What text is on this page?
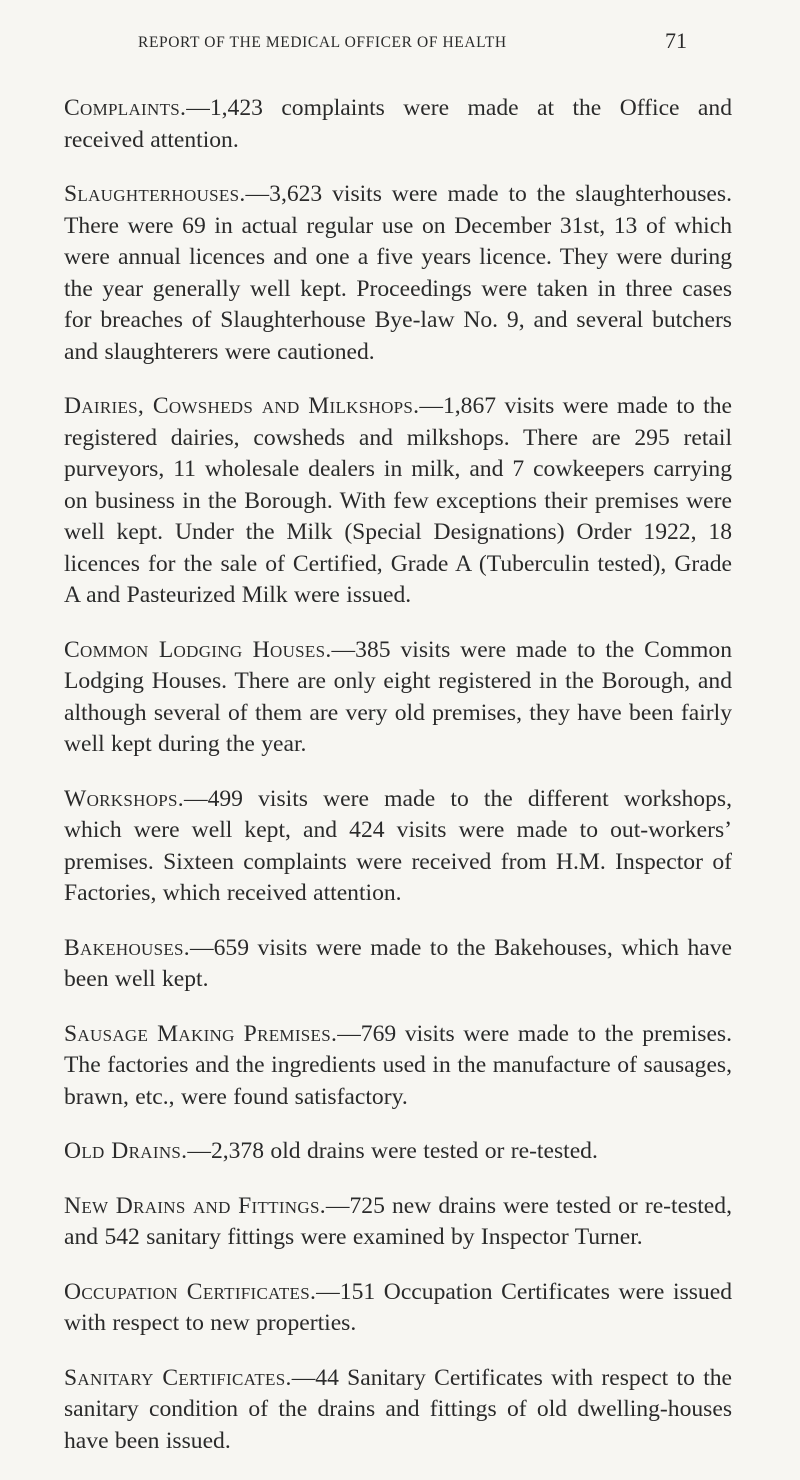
REPORT OF THE MEDICAL OFFICER OF HEALTH	71

Complaints.—1,423 complaints were made at the Office and received attention.

Slaughterhouses.—3,623 visits were made to the slaughterhouses. There were 69 in actual regular use on December 31st, 13 of which were annual licences and one a five years licence. They were during the year generally well kept. Proceedings were taken in three cases for breaches of Slaughterhouse Bye-law No. 9, and several butchers and slaughterers were cautioned.

Dairies, Cowsheds and Milkshops.—1,867 visits were made to the registered dairies, cowsheds and milkshops. There are 295 retail purveyors, 11 wholesale dealers in milk, and 7 cowkeepers carrying on business in the Borough. With few exceptions their premises were well kept. Under the Milk (Special Designations) Order 1922, 18 licences for the sale of Certified, Grade A (Tuberculin tested), Grade A and Pasteurized Milk were issued.

Common Lodging Houses.—385 visits were made to the Common Lodging Houses. There are only eight registered in the Borough, and although several of them are very old premises, they have been fairly well kept during the year.

Workshops.—499 visits were made to the different workshops, which were well kept, and 424 visits were made to out-workers’ premises. Sixteen complaints were received from H.M. Inspector of Factories, which received attention.

Bakehouses.—659 visits were made to the Bakehouses, which have been well kept.

Sausage Making Premises.—769 visits were made to the premises. The factories and the ingredients used in the manufacture of sausages, brawn, etc., were found satisfactory.

Old Drains.—2,378 old drains were tested or re-tested.

New Drains and Fittings.—725 new drains were tested or re-tested, and 542 sanitary fittings were examined by Inspector Turner.

Occupation Certificates.—151 Occupation Certificates were issued with respect to new properties.

Sanitary Certificates.—44 Sanitary Certificates with respect to the sanitary condition of the drains and fittings of old dwelling-houses have been issued.
